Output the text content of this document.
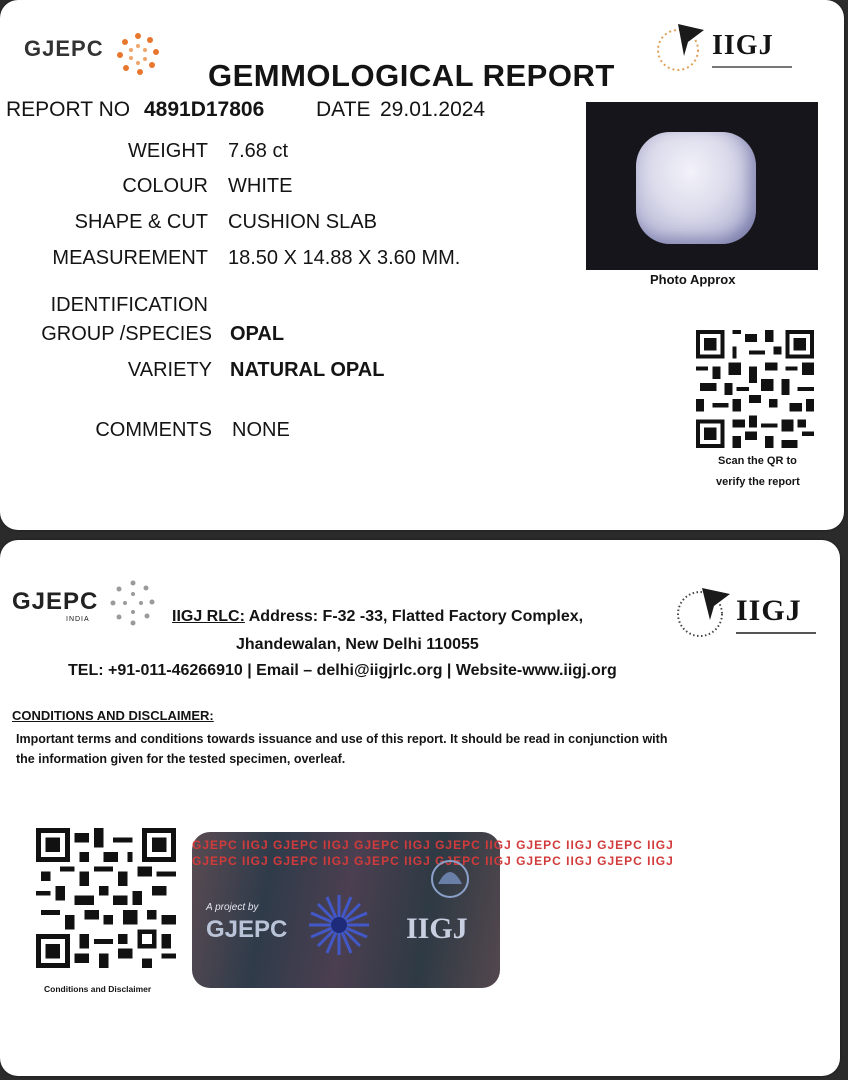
GJEPC	IIGJ
GEMMOLOGICAL REPORT
REPORT NO 4891D17806 DATE 29.01.2024
WEIGHT 7.68 ct
COLOUR WHITE
SHAPE & CUT CUSHION SLAB
MEASUREMENT 18.50 X 14.88 X 3.60 MM.
IDENTIFICATION
GROUP /SPECIES OPAL
VARIETY NATURAL OPAL
COMMENTS NONE
Photo Approx
Scan the QR to
verify the report
GJEPC
INDIA	IIGJ
IIGJ RLC: Address: F-32 -33, Flatted Factory Complex,
Jhandewalan, New Delhi 110055
TEL: +91-011-46266910 | Email – delhi@iigjrlc.org | Website-www.iigj.org
CONDITIONS AND DISCLAIMER:
Important terms and conditions towards issuance and use of this report. It should be read in conjunction with
the information given for the tested specimen, overleaf.
Conditions and Disclaimer
GJEPC IIGJ GJEPC IIGJ GJEPC IIGJ GJEPC IIGJ GJEPC IIGJ GJEPC IIGJ
GJEPC IIGJ GJEPC IIGJ GJEPC IIGJ GJEPC IIGJ GJEPC IIGJ GJEPC IIGJ
A project by
GJEPC	IIGJ
